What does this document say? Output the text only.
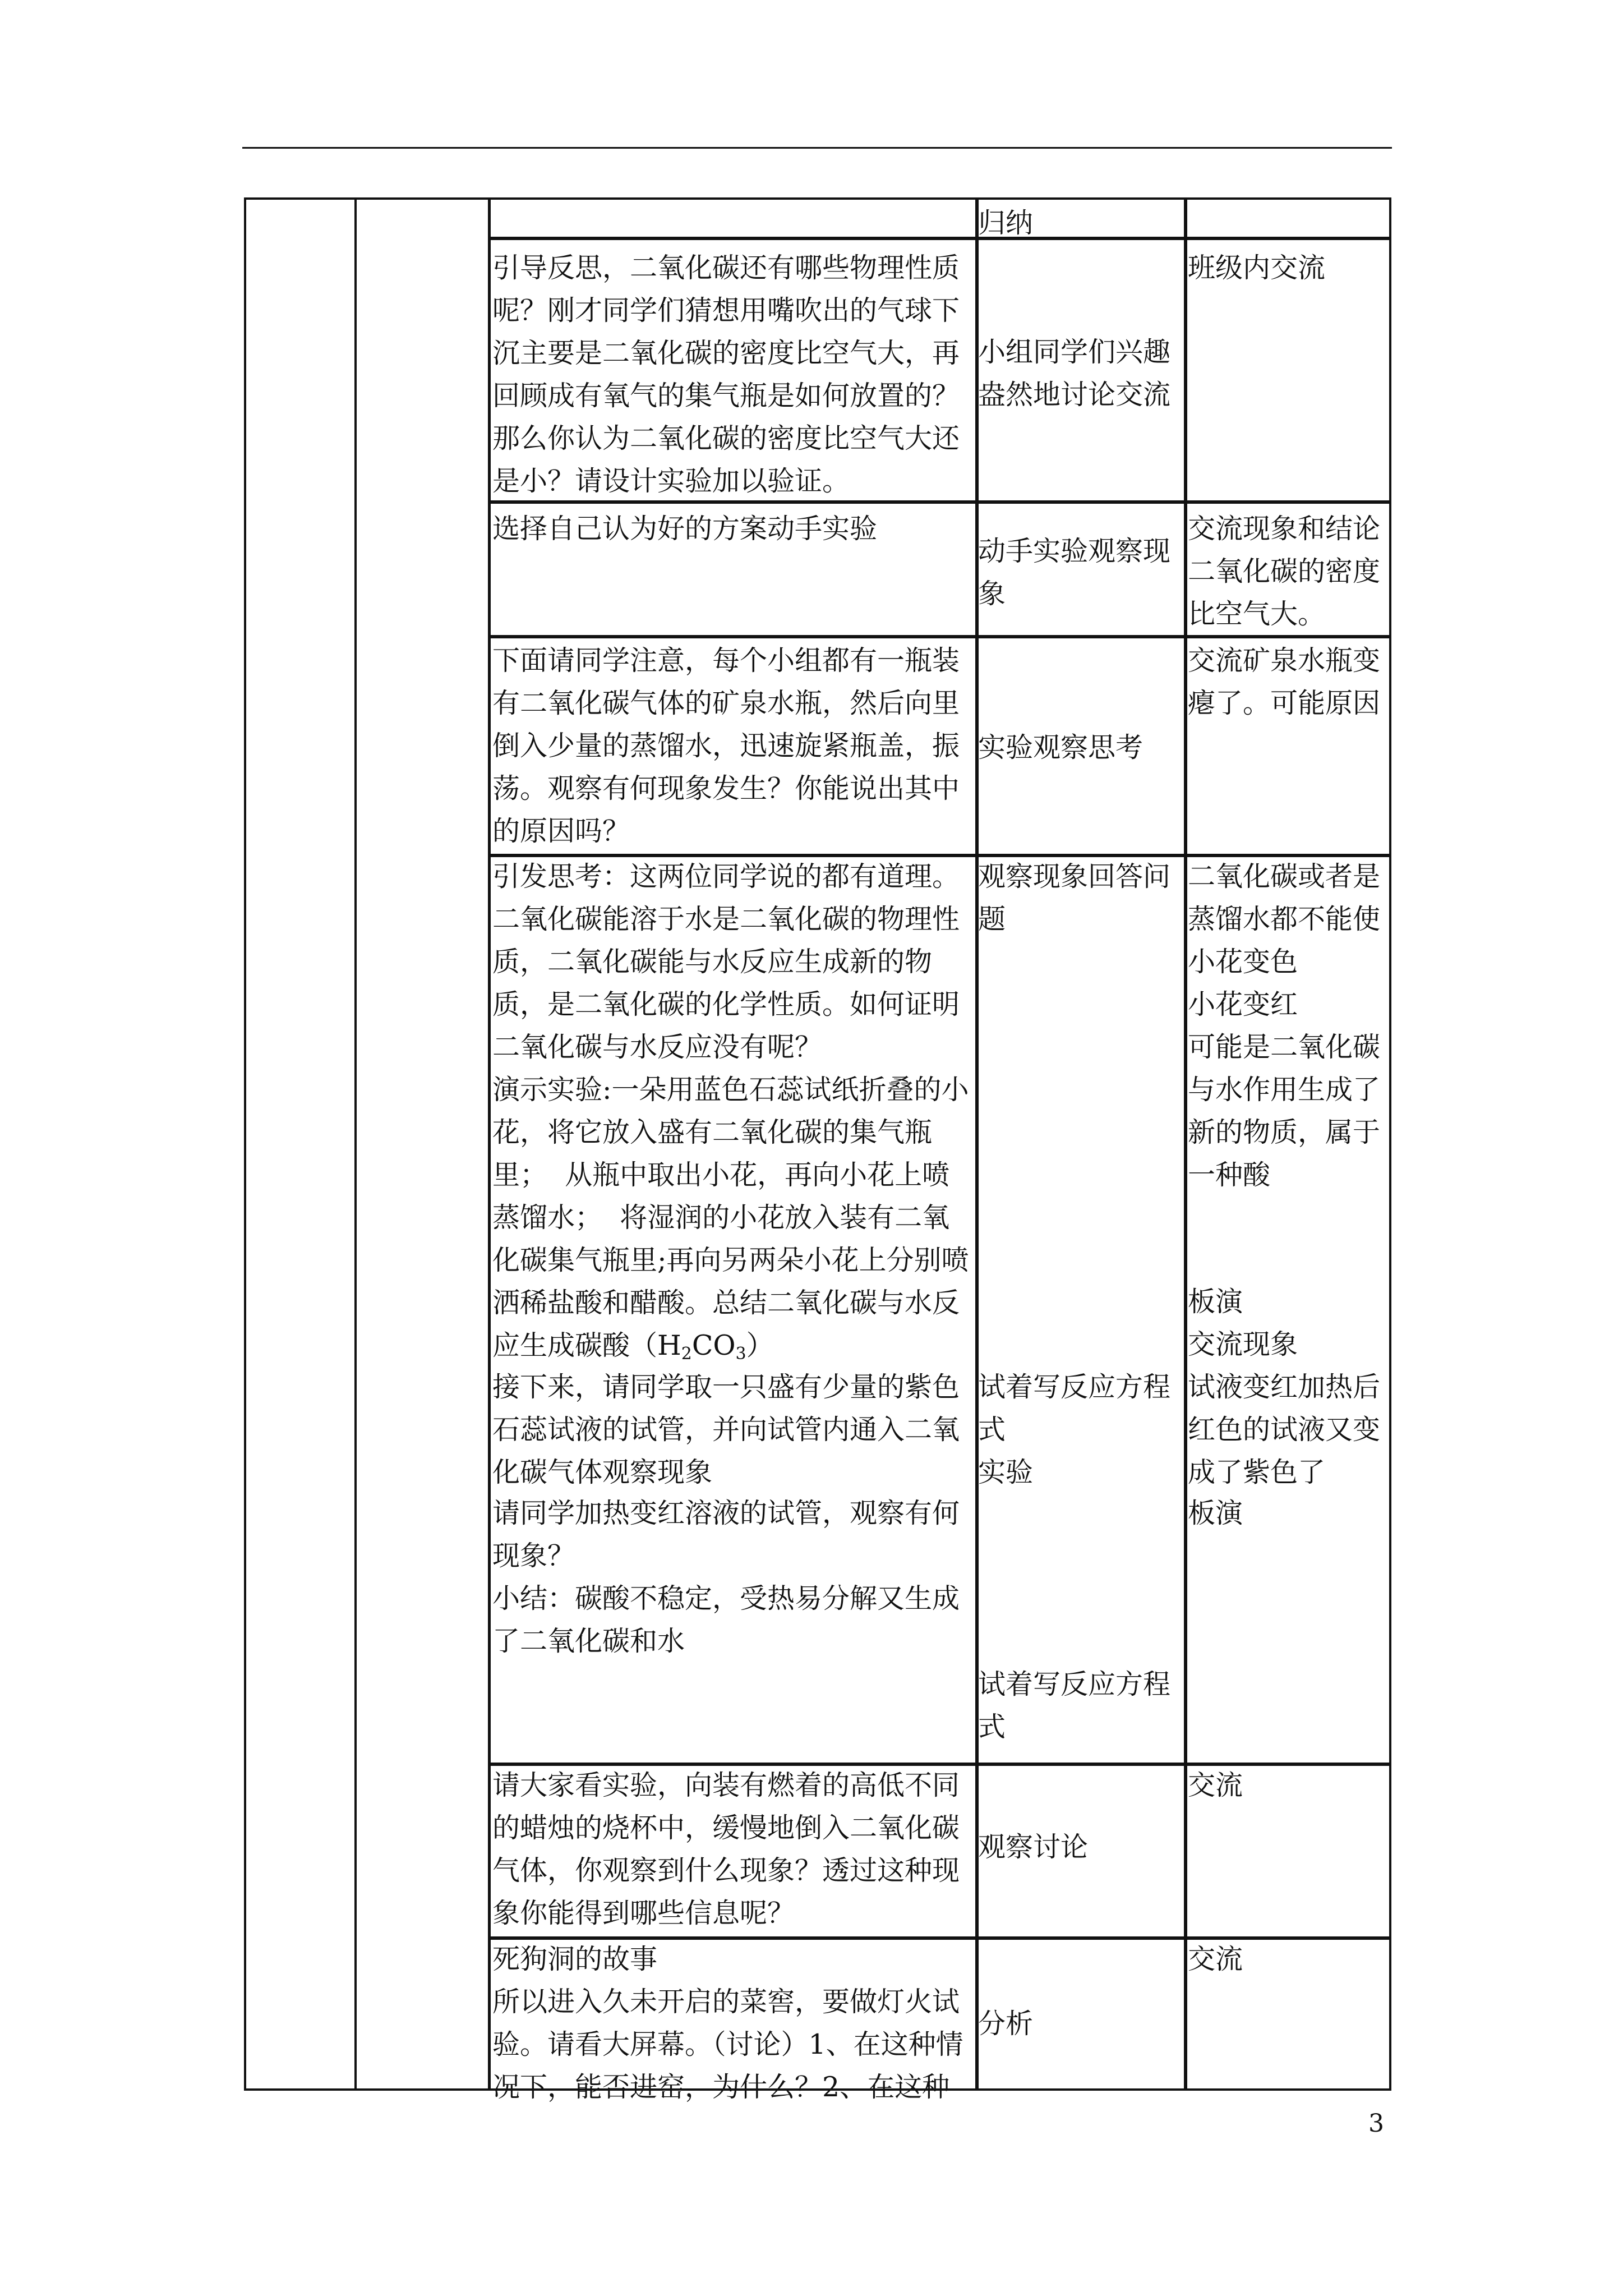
归纳
引导反思，二氧化碳还有哪些物理性质呢？刚才同学们猜想用嘴吹出的气球下沉主要是二氧化碳的密度比空气大，再回顾成有氧气的集气瓶是如何放置的？那么你认为二氧化碳的密度比空气大还是小？请设计实验加以验证。
小组同学们兴趣盎然地讨论交流
班级内交流
选择自己认为好的方案动手实验
动手实验观察现象
交流现象和结论二氧化碳的密度比空气大。
下面请同学注意，每个小组都有一瓶装有二氧化碳气体的矿泉水瓶，然后向里倒入少量的蒸馏水，迅速旋紧瓶盖，振荡。观察有何现象发生？你能说出其中的原因吗？
实验观察思考
交流矿泉水瓶变瘪了。可能原因
引发思考：这两位同学说的都有道理。二氧化碳能溶于水是二氧化碳的物理性质，二氧化碳能与水反应生成新的物质，是二氧化碳的化学性质。如何证明二氧化碳与水反应没有呢？
演示实验:一朵用蓝色石蕊试纸折叠的小花，将它放入盛有二氧化碳的集气瓶里；  从瓶中取出小花，再向小花上喷蒸馏水；  将湿润的小花放入装有二氧化碳集气瓶里;再向另两朵小花上分别喷洒稀盐酸和醋酸。总结二氧化碳与水反应生成碳酸$(H_2CO_3)$
接下来，请同学取一只盛有少量的紫色石蕊试液的试管，并向试管内通入二氧化碳气体观察现象
请同学加热变红溶液的试管，观察有何现象？
小结：碳酸不稳定，受热易分解又生成了二氧化碳和水
观察现象回答问题
试着写反应方程式
实验
试着写反应方程式
二氧化碳或者是蒸馏水都不能使小花变色
小花变红
可能是二氧化碳与水作用生成了新的物质，属于一种酸
板演
交流现象
试液变红加热后红色的试液又变成了紫色了
板演
请大家看实验，向装有燃着的高低不同的蜡烛的烧杯中，缓慢地倒入二氧化碳气体，你观察到什么现象？透过这种现象你能得到哪些信息呢？
观察讨论
交流
死狗洞的故事
所以进入久未开启的菜窖，要做灯火试验。请看大屏幕。（讨论）1、在这种情况下，能否进窑，为什么？2、在这种
分析
交流
3
